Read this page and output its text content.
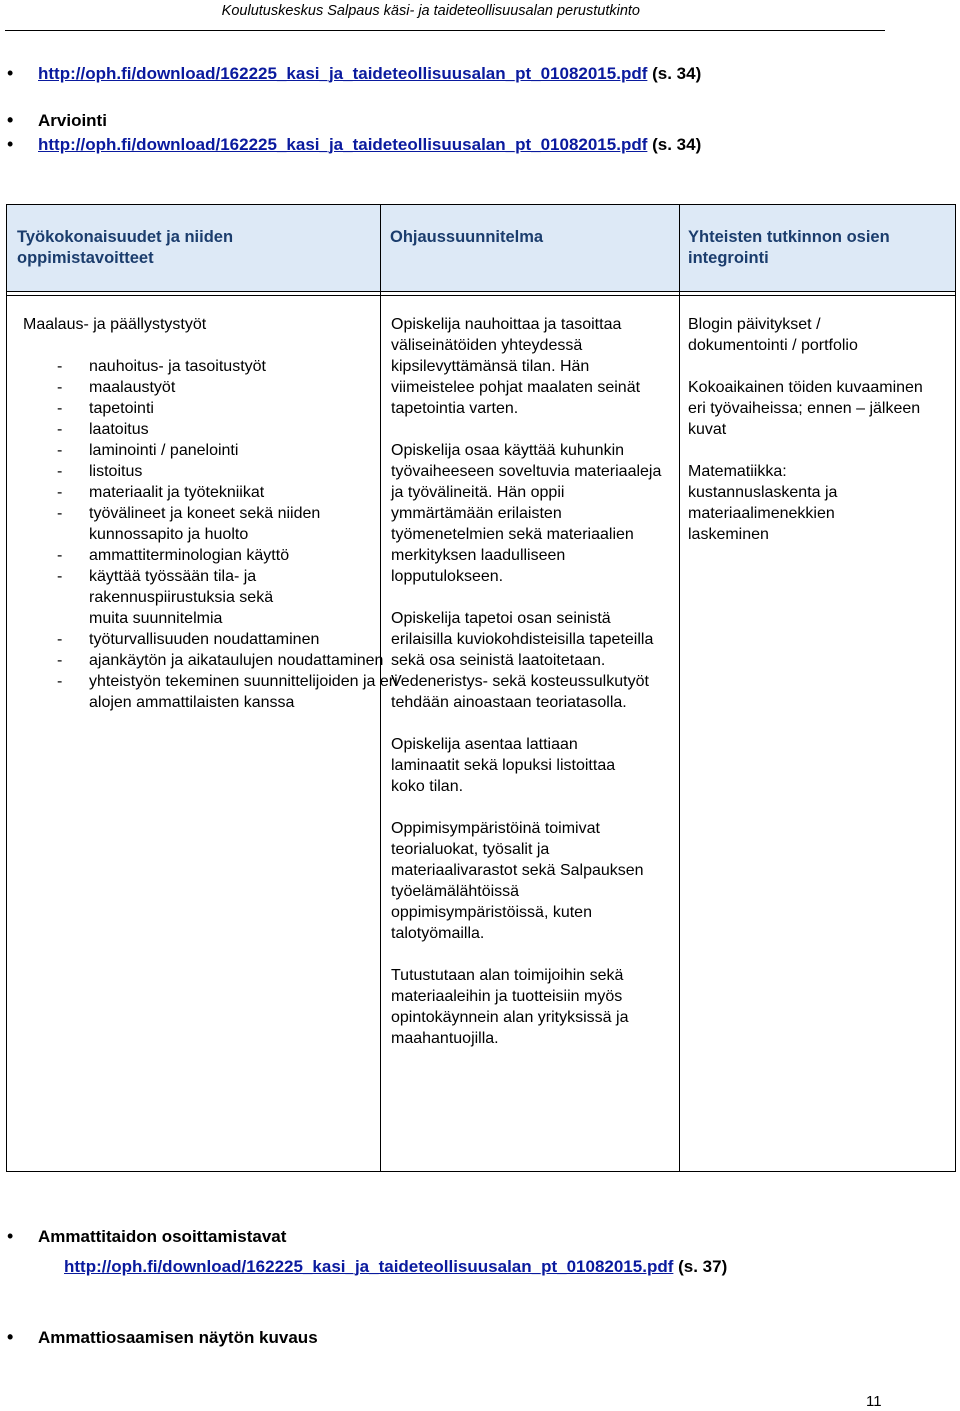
Koulutuskeskus Salpaus käsi- ja taideteollisuusalan perustutkinto
• http://oph.fi/download/162225_kasi_ja_taideteollisuusalan_pt_01082015.pdf (s. 34)
• Arviointi
• http://oph.fi/download/162225_kasi_ja_taideteollisuusalan_pt_01082015.pdf (s. 34)
Työkokonaisuudet ja niiden
oppimistavoitteet
Ohjaussuunnitelma	Yhteisten tutkinnon osien
integrointi

Maalaus- ja päällystystyöt

- nauhoitus- ja tasoitustyöt
- maalaustyöt
- tapetointi
- laatoitus
- laminointi / panelointi
- listoitus
- materiaalit ja työtekniikat
- työvälineet ja koneet sekä niiden kunnossapito ja huolto
- ammattiterminologian käyttö
- käyttää työssään tila- ja rakennuspiirustuksia sekä muita suunnitelmia
- työturvallisuuden noudattaminen
- ajankäytön ja aikataulujen noudattaminen
- yhteistyön tekeminen suunnittelijoiden ja eri alojen ammattilaisten kanssa

Opiskelija nauhoittaa ja tasoittaa väliseinätöiden yhteydessä kipsilevyttämänsä tilan. Hän viimeistelee pohjat maalaten seinät tapetointia varten.

Opiskelija osaa käyttää kuhunkin työvaiheeseen soveltuvia materiaaleja ja työvälineitä. Hän oppii ymmärtämään erilaisten työmenetelmien sekä materiaalien merkityksen laadulliseen lopputulokseen.

Opiskelija tapetoi osan seinistä erilaisilla kuviokohdisteisilla tapeteilla sekä osa seinistä laatoitetaan. Vedeneristys- sekä kosteussulkutyöt tehdään ainoastaan teoriatasolla.

Opiskelija asentaa lattiaan laminaatit sekä lopuksi listoittaa koko tilan.

Oppimisympäristöinä toimivat teorialuokat, työsalit ja materiaalivarastot sekä Salpauksen työelämälähtöissä oppimisympäristöissä, kuten talotyömailla.

Tutustutaan alan toimijoihin sekä materiaaleihin ja tuotteisiin myös opintokäynnein alan yrityksissä ja maahantuojilla.

Blogin päivitykset / dokumentointi / portfolio

Kokoaikainen töiden kuvaaminen eri työvaiheissa; ennen – jälkeen kuvat

Matematiikka: kustannuslaskenta ja materiaalimenekkien laskeminen

• Ammattitaidon osoittamistavat
http://oph.fi/download/162225_kasi_ja_taideteollisuusalan_pt_01082015.pdf (s. 37)
• Ammattiosaamisen näytön kuvaus
11
